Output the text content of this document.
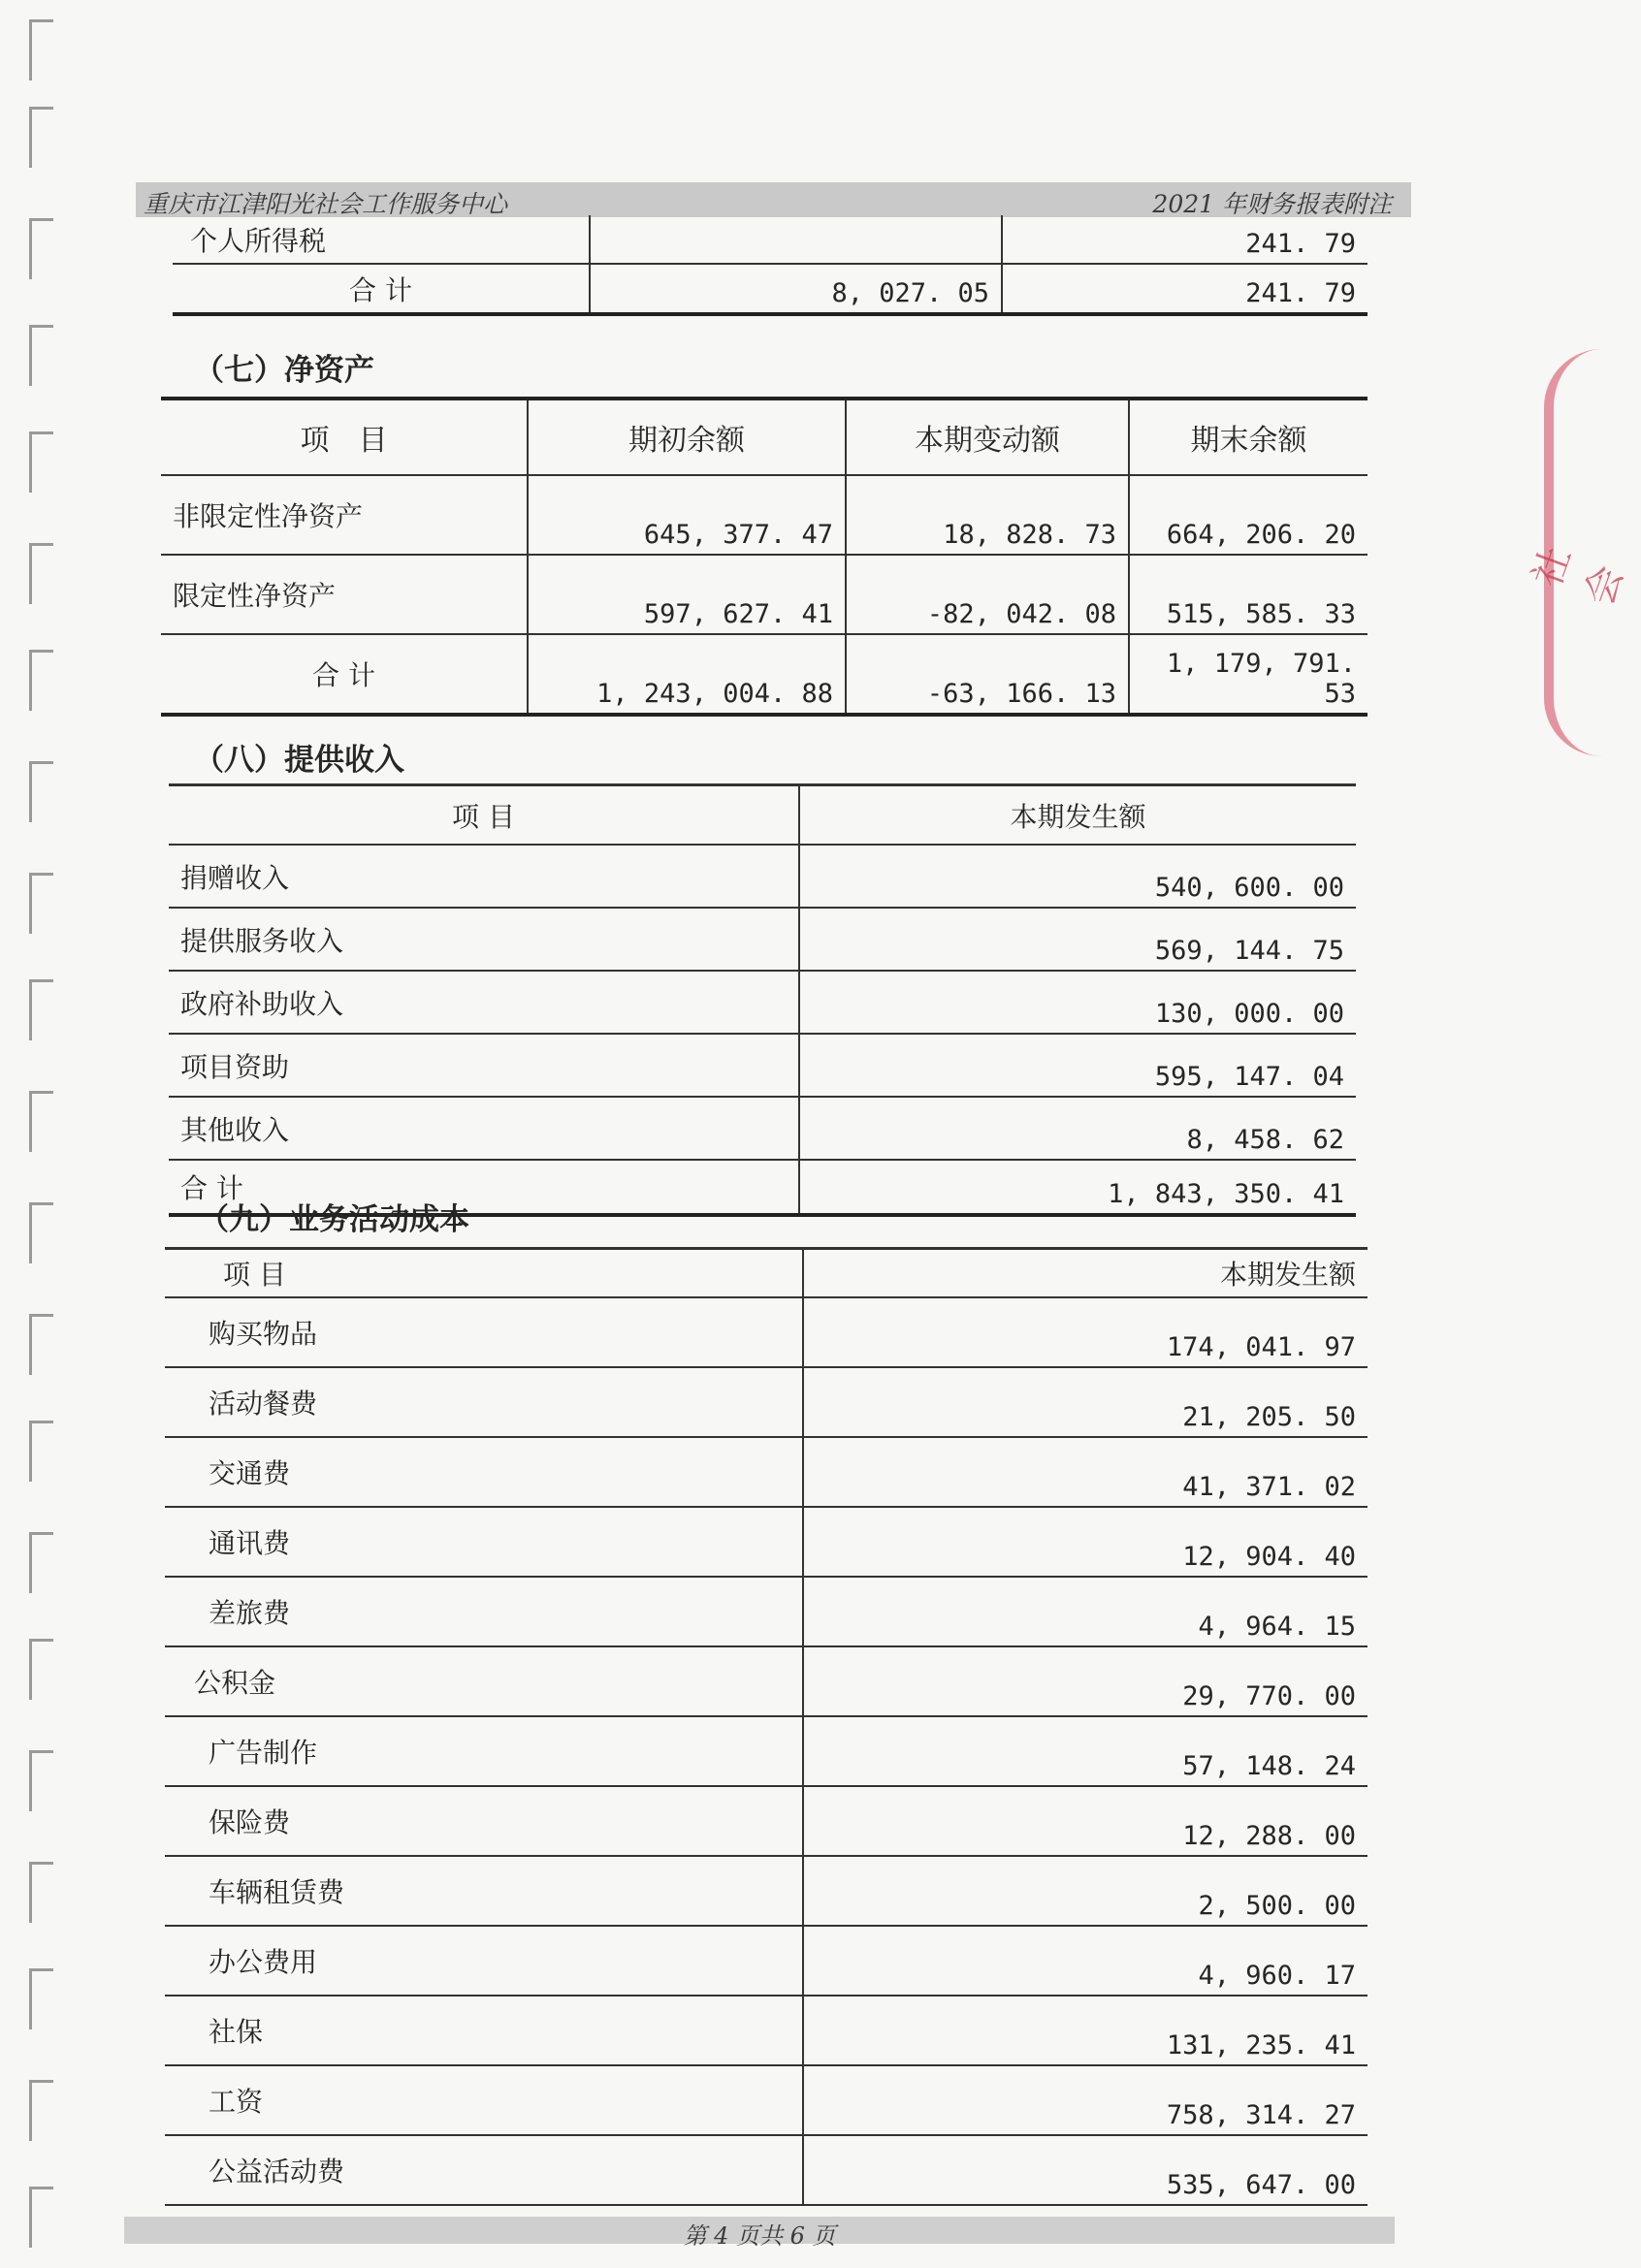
重庆市江津阳光社会工作服务中心	2021 年财务报表附注
个人所得税		241. 79
合 计	8, 027. 05	241. 79
（七）净资产
项　目	期初余额	本期变动额	期末余额
非限定性净资产	645, 377. 47	18, 828. 73	664, 206. 20
限定性净资产	597, 627. 41	-82, 042. 08	515, 585. 33
合 计	1, 243, 004. 88	-63, 166. 13	1, 179, 791. 53
（八）提供收入
项 目	本期发生额
捐赠收入	540, 600. 00
提供服务收入	569, 144. 75
政府补助收入	130, 000. 00
项目资助	595, 147. 04
其他收入	8, 458. 62
合 计	1, 843, 350. 41
（九）业务活动成本
项 目	本期发生额
购买物品	174, 041. 97
活动餐费	21, 205. 50
交通费	41, 371. 02
通讯费	12, 904. 40
差旅费	4, 964. 15
公积金	29, 770. 00
广告制作	57, 148. 24
保险费	12, 288. 00
车辆租赁费	2, 500. 00
办公费用	4, 960. 17
社保	131, 235. 41
工资	758, 314. 27
公益活动费	535, 647. 00
第 4 页共 6 页
社会
